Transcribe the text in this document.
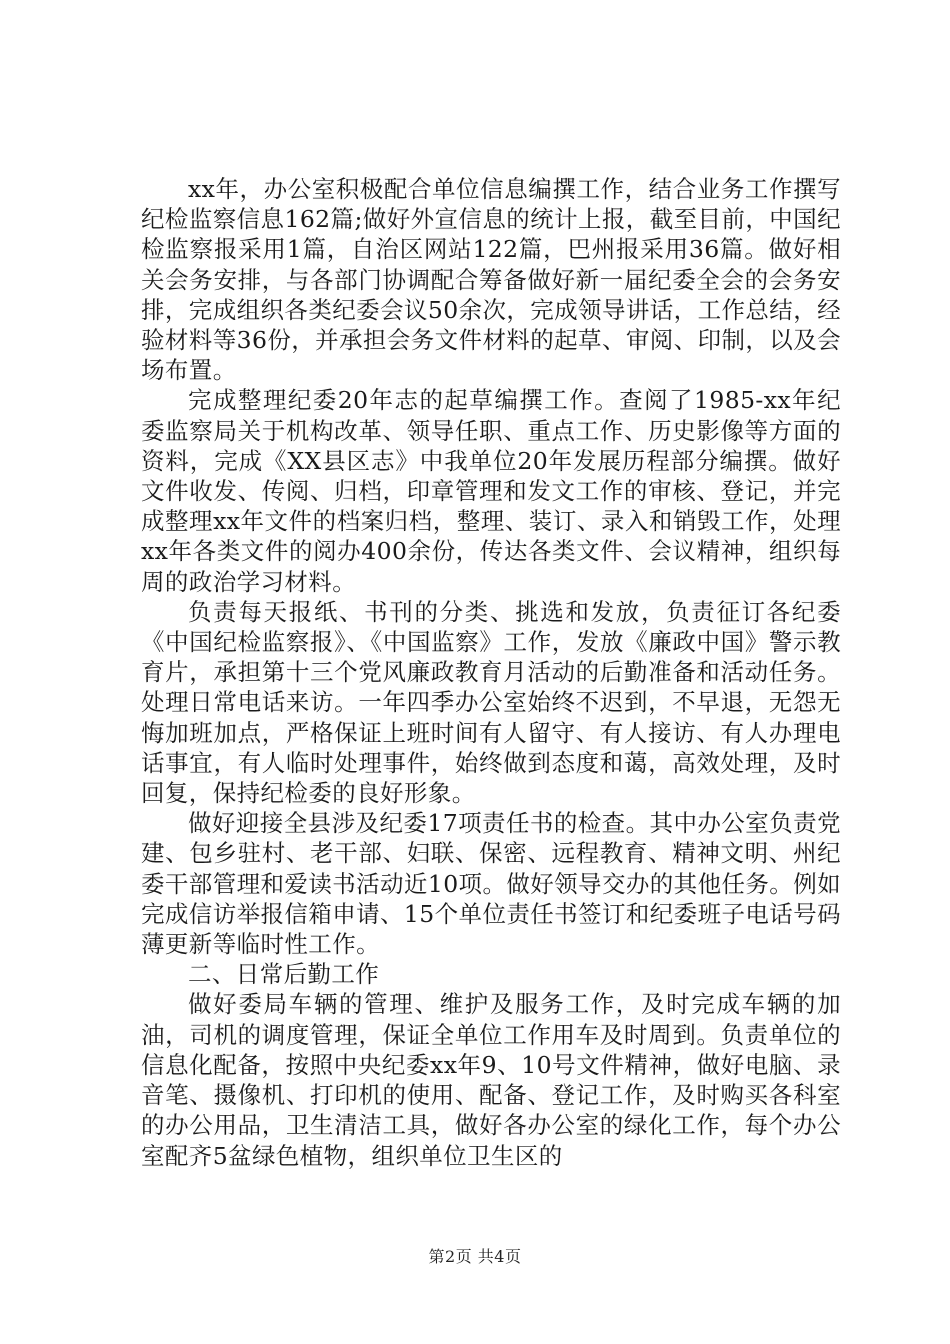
xx年，办公室积极配合单位信息编撰工作，结合业务工作撰写纪检监察信息162篇;做好外宣信息的统计上报，截至目前，中国纪检监察报采用1篇，自治区网站122篇，巴州报采用36篇。做好相关会务安排，与各部门协调配合筹备做好新一届纪委全会的会务安排，完成组织各类纪委会议50余次，完成领导讲话，工作总结，经验材料等36份，并承担会务文件材料的起草、审阅、印制，以及会场布置。

完成整理纪委20年志的起草编撰工作。查阅了1985-xx年纪委监察局关于机构改革、领导任职、重点工作、历史影像等方面的资料，完成《XX县区志》中我单位20年发展历程部分编撰。做好文件收发、传阅、归档，印章管理和发文工作的审核、登记，并完成整理xx年文件的档案归档，整理、装订、录入和销毁工作，处理xx年各类文件的阅办400余份，传达各类文件、会议精神，组织每周的政治学习材料。

负责每天报纸、书刊的分类、挑选和发放，负责征订各纪委《中国纪检监察报》、《中国监察》工作，发放《廉政中国》警示教育片，承担第十三个党风廉政教育月活动的后勤准备和活动任务。处理日常电话来访。一年四季办公室始终不迟到，不早退，无怨无悔加班加点，严格保证上班时间有人留守、有人接访、有人办理电话事宜，有人临时处理事件，始终做到态度和蔼，高效处理，及时回复，保持纪检委的良好形象。

做好迎接全县涉及纪委17项责任书的检查。其中办公室负责党建、包乡驻村、老干部、妇联、保密、远程教育、精神文明、州纪委干部管理和爱读书活动近10项。做好领导交办的其他任务。例如完成信访举报信箱申请、15个单位责任书签订和纪委班子电话号码薄更新等临时性工作。

二、日常后勤工作

做好委局车辆的管理、维护及服务工作，及时完成车辆的加油，司机的调度管理，保证全单位工作用车及时周到。负责单位的信息化配备，按照中央纪委xx年9、10号文件精神，做好电脑、录音笔、摄像机、打印机的使用、配备、登记工作，及时购买各科室的办公用品，卫生清洁工具，做好各办公室的绿化工作，每个办公室配齐5盆绿色植物，组织单位卫生区的

第2页 共4页
